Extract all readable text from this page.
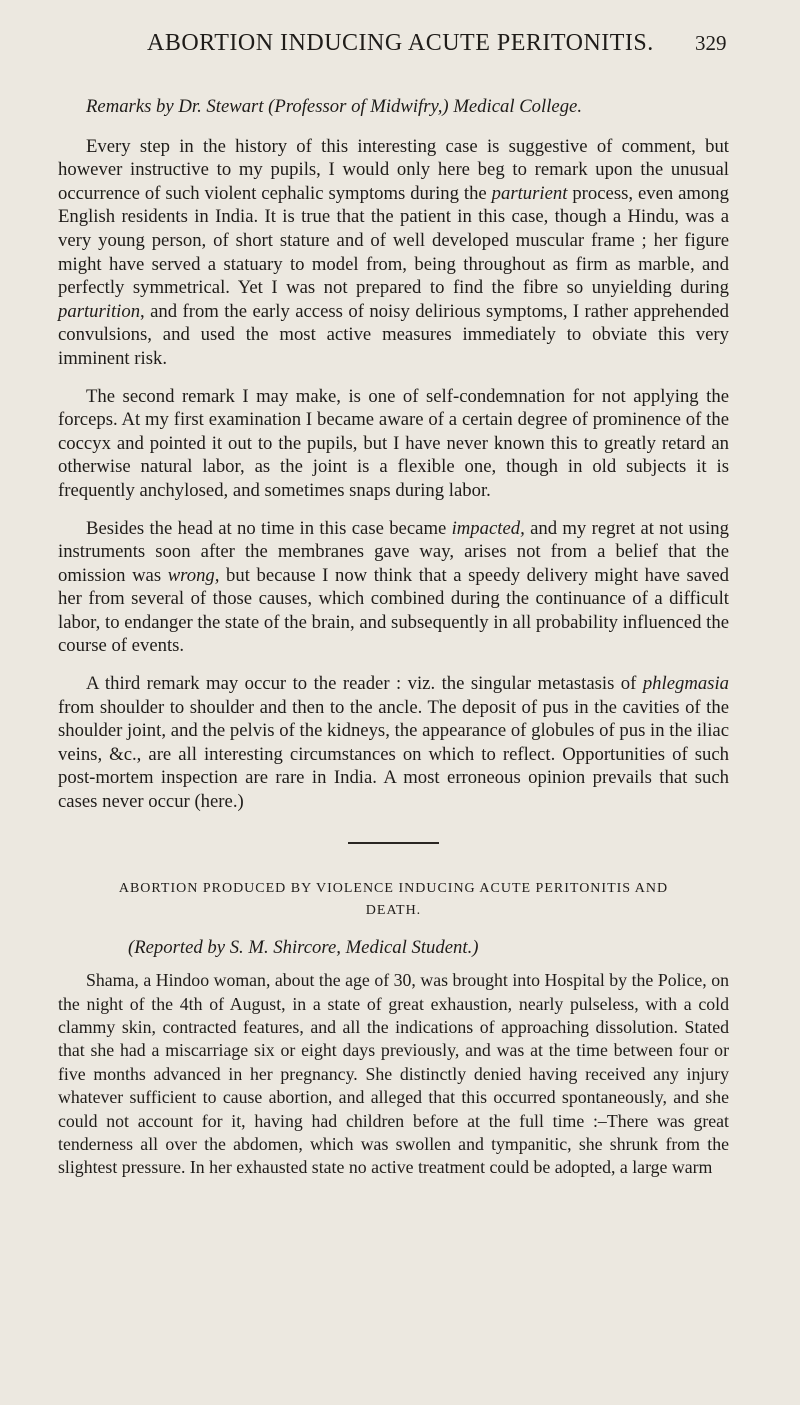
ABORTION INDUCING ACUTE PERITONITIS. 329
Remarks by Dr. Stewart (Professor of Midwifry,) Medical College.

Every step in the history of this interesting case is suggestive of comment, but however instructive to my pupils, I would only here beg to remark upon the unusual occurrence of such violent cephalic symptoms during the parturient process, even among English residents in India. It is true that the patient in this case, though a Hindu, was a very young person, of short stature and of well developed muscular frame ; her figure might have served a statuary to model from, being throughout as firm as marble, and perfectly symmetrical. Yet I was not prepared to find the fibre so unyielding during parturition, and from the early access of noisy delirious symptoms, I rather apprehended convulsions, and used the most active measures immediately to obviate this very imminent risk.

The second remark I may make, is one of self-condemnation for not applying the forceps. At my first examination I became aware of a certain degree of prominence of the coccyx and pointed it out to the pupils, but I have never known this to greatly retard an otherwise natural labor, as the joint is a flexible one, though in old subjects it is frequently anchylosed, and sometimes snaps during labor.

Besides the head at no time in this case became impacted, and my regret at not using instruments soon after the membranes gave way, arises not from a belief that the omission was wrong, but because I now think that a speedy delivery might have saved her from several of those causes, which combined during the continuance of a difficult labor, to endanger the state of the brain, and subsequently in all probability influenced the course of events.

A third remark may occur to the reader : viz. the singular metastasis of phlegmasia from shoulder to shoulder and then to the ancle. The deposit of pus in the cavities of the shoulder joint, and the pelvis of the kidneys, the appearance of globules of pus in the iliac veins, &c., are all interesting circumstances on which to reflect. Opportunities of such post-mortem inspection are rare in India. A most erroneous opinion prevails that such cases never occur (here.)

ABORTION PRODUCED BY VIOLENCE INDUCING ACUTE PERITONITIS AND
DEATH.
(Reported by S. M. Shircore, Medical Student.)

Shama, a Hindoo woman, about the age of 30, was brought into Hospital by the Police, on the night of the 4th of August, in a state of great exhaustion, nearly pulseless, with a cold clammy skin, contracted features, and all the indications of approaching dissolution. Stated that she had a miscarriage six or eight days previously, and was at the time between four or five months advanced in her pregnancy. She distinctly denied having received any injury whatever sufficient to cause abortion, and alleged that this occurred spontaneously, and she could not account for it, having had children before at the full time :–There was great tenderness all over the abdomen, which was swollen and tympanitic, she shrunk from the slightest pressure. In her exhausted state no active treatment could be adopted, a large warm
